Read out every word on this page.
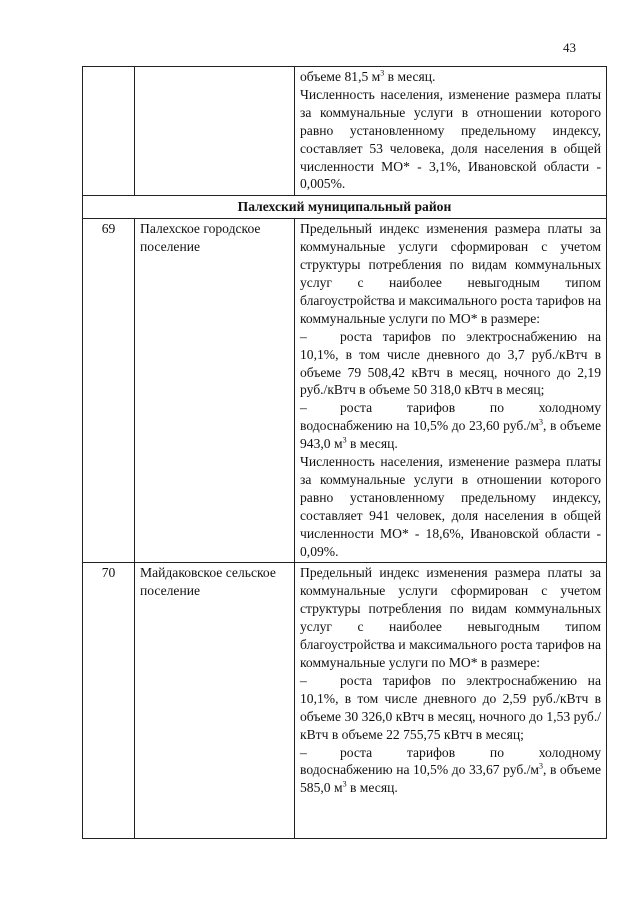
43

		объеме 81,5 $м^3$ в месяц.

Численность населения, изменение размера платы за коммунальные услуги в отношении которого равно установленному предельному индексу, составляет 53 человека, доля населения в общей численности МО* - 3,1%, Ивановской области - 0,005%.

Палехский муниципальный район		
69	Палехское городское поселение	Предельный индекс изменения размера платы за коммунальные услуги сформирован с учетом структуры потребления по видам коммунальных услуг с наиболее невыгодным типом благоустройства и максимального роста тарифов на коммунальные услуги по МО* в размере:

– роста тарифов по электроснабжению на 10,1%, в том числе дневного до 3,7 руб./кВтч в объеме 79 508,42 кВтч в месяц, ночного до 2,19 руб./кВтч в объеме 50 318,0 кВтч в месяц;

– роста тарифов по холодному водоснабжению на 10,5% до 23,60 $руб./м^3$, в объеме 943,0 $м^3$ в месяц.

Численность населения, изменение размера платы за коммунальные услуги в отношении которого равно установленному предельному индексу, составляет 941 человек, доля населения в общей численности МО* - 18,6%, Ивановской области - 0,09%.

70	Майдаковское сельское поселение	Предельный индекс изменения размера платы за коммунальные услуги сформирован с учетом структуры потребления по видам коммунальных услуг с наиболее невыгодным типом благоустройства и максимального роста тарифов на коммунальные услуги по МО* в размере:

– роста тарифов по электроснабжению на 10,1%, в том числе дневного до 2,59 руб./кВтч в объеме 30 326,0 кВтч в месяц, ночного до 1,53 руб./кВтч в объеме 22 755,75 кВтч в месяц;

– роста тарифов по холодному водоснабжению на 10,5% до 33,67 $руб./м^3$, в объеме 585,0 $м^3$ в месяц.
